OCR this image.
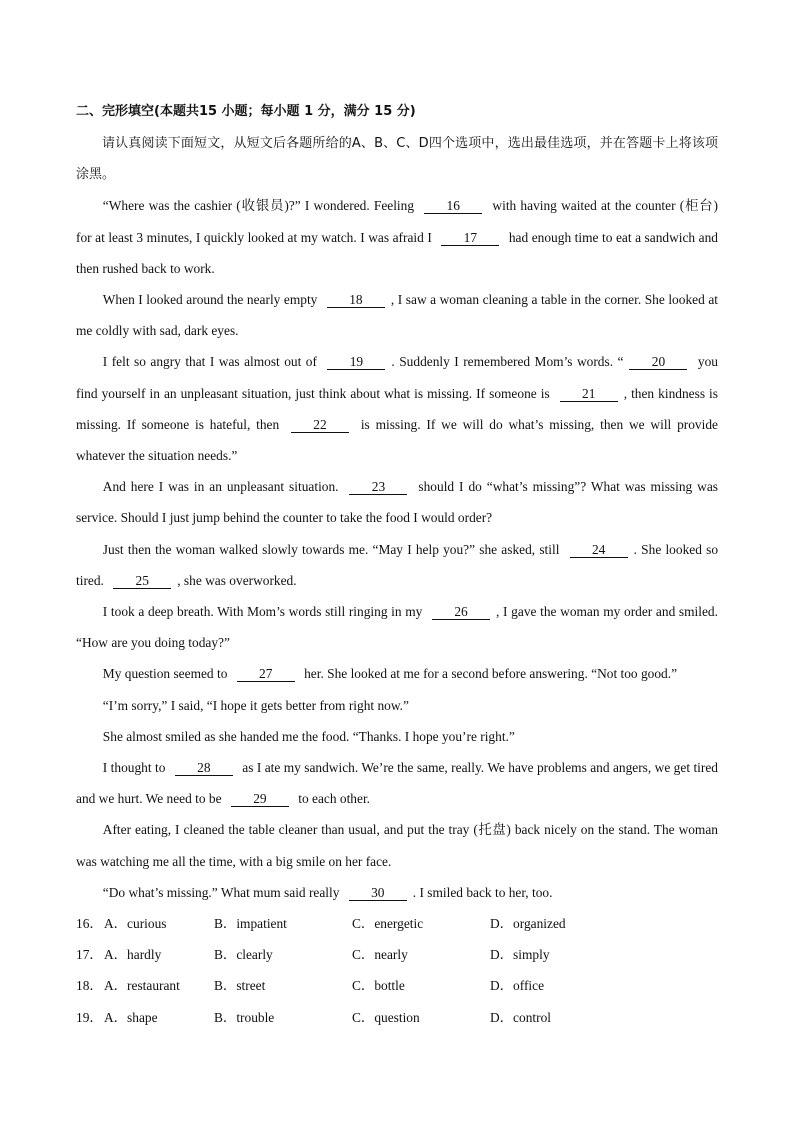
二、完形填空(本题共15 小题；每小题 1 分，满分 15 分)

请认真阅读下面短文，从短文后各题所给的A、B、C、D四个选项中，选出最佳选项，并在答题卡上将该项涂黑。

“Where was the cashier (收银员)?” I wondered. Feeling 16 with having waited at the counter (柜台) for at least 3 minutes, I quickly looked at my watch. I was afraid I 17 had enough time to eat a sandwich and then rushed back to work.

When I looked around the nearly empty 18 , I saw a woman cleaning a table in the corner. She looked at me coldly with sad, dark eyes.

I felt so angry that I was almost out of 19 . Suddenly I remembered Mom’s words. “ 20 you find yourself in an unpleasant situation, just think about what is missing. If someone is 21 , then kindness is missing. If someone is hateful, then 22 is missing. If we will do what’s missing, then we will provide whatever the situation needs.”

And here I was in an unpleasant situation. 23 should I do “what’s missing”? What was missing was service. Should I just jump behind the counter to take the food I would order?

Just then the woman walked slowly towards me. “May I help you?” she asked, still 24 . She looked so tired. 25 , she was overworked.

I took a deep breath. With Mom’s words still ringing in my 26 , I gave the woman my order and smiled. “How are you doing today?”

My question seemed to 27 her. She looked at me for a second before answering. “Not too good.”

“I’m sorry,” I said, “I hope it gets better from right now.”

She almost smiled as she handed me the food. “Thanks. I hope you’re right.”

I thought to 28 as I ate my sandwich. We’re the same, really. We have problems and angers, we get tired and we hurt. We need to be 29 to each other.

After eating, I cleaned the table cleaner than usual, and put the tray (托盘) back nicely on the stand. The woman was watching me all the time, with a big smile on her face.

“Do what’s missing.” What mum said really 30 . I smiled back to her, too.

16． A．curious	B．impatient	C．energetic	D．organized
17． A．hardly	B．clearly	C．nearly	D．simply
18． A．restaurant	B．street	C．bottle	D．office
19． A．shape	B．trouble	C．question	D．control
